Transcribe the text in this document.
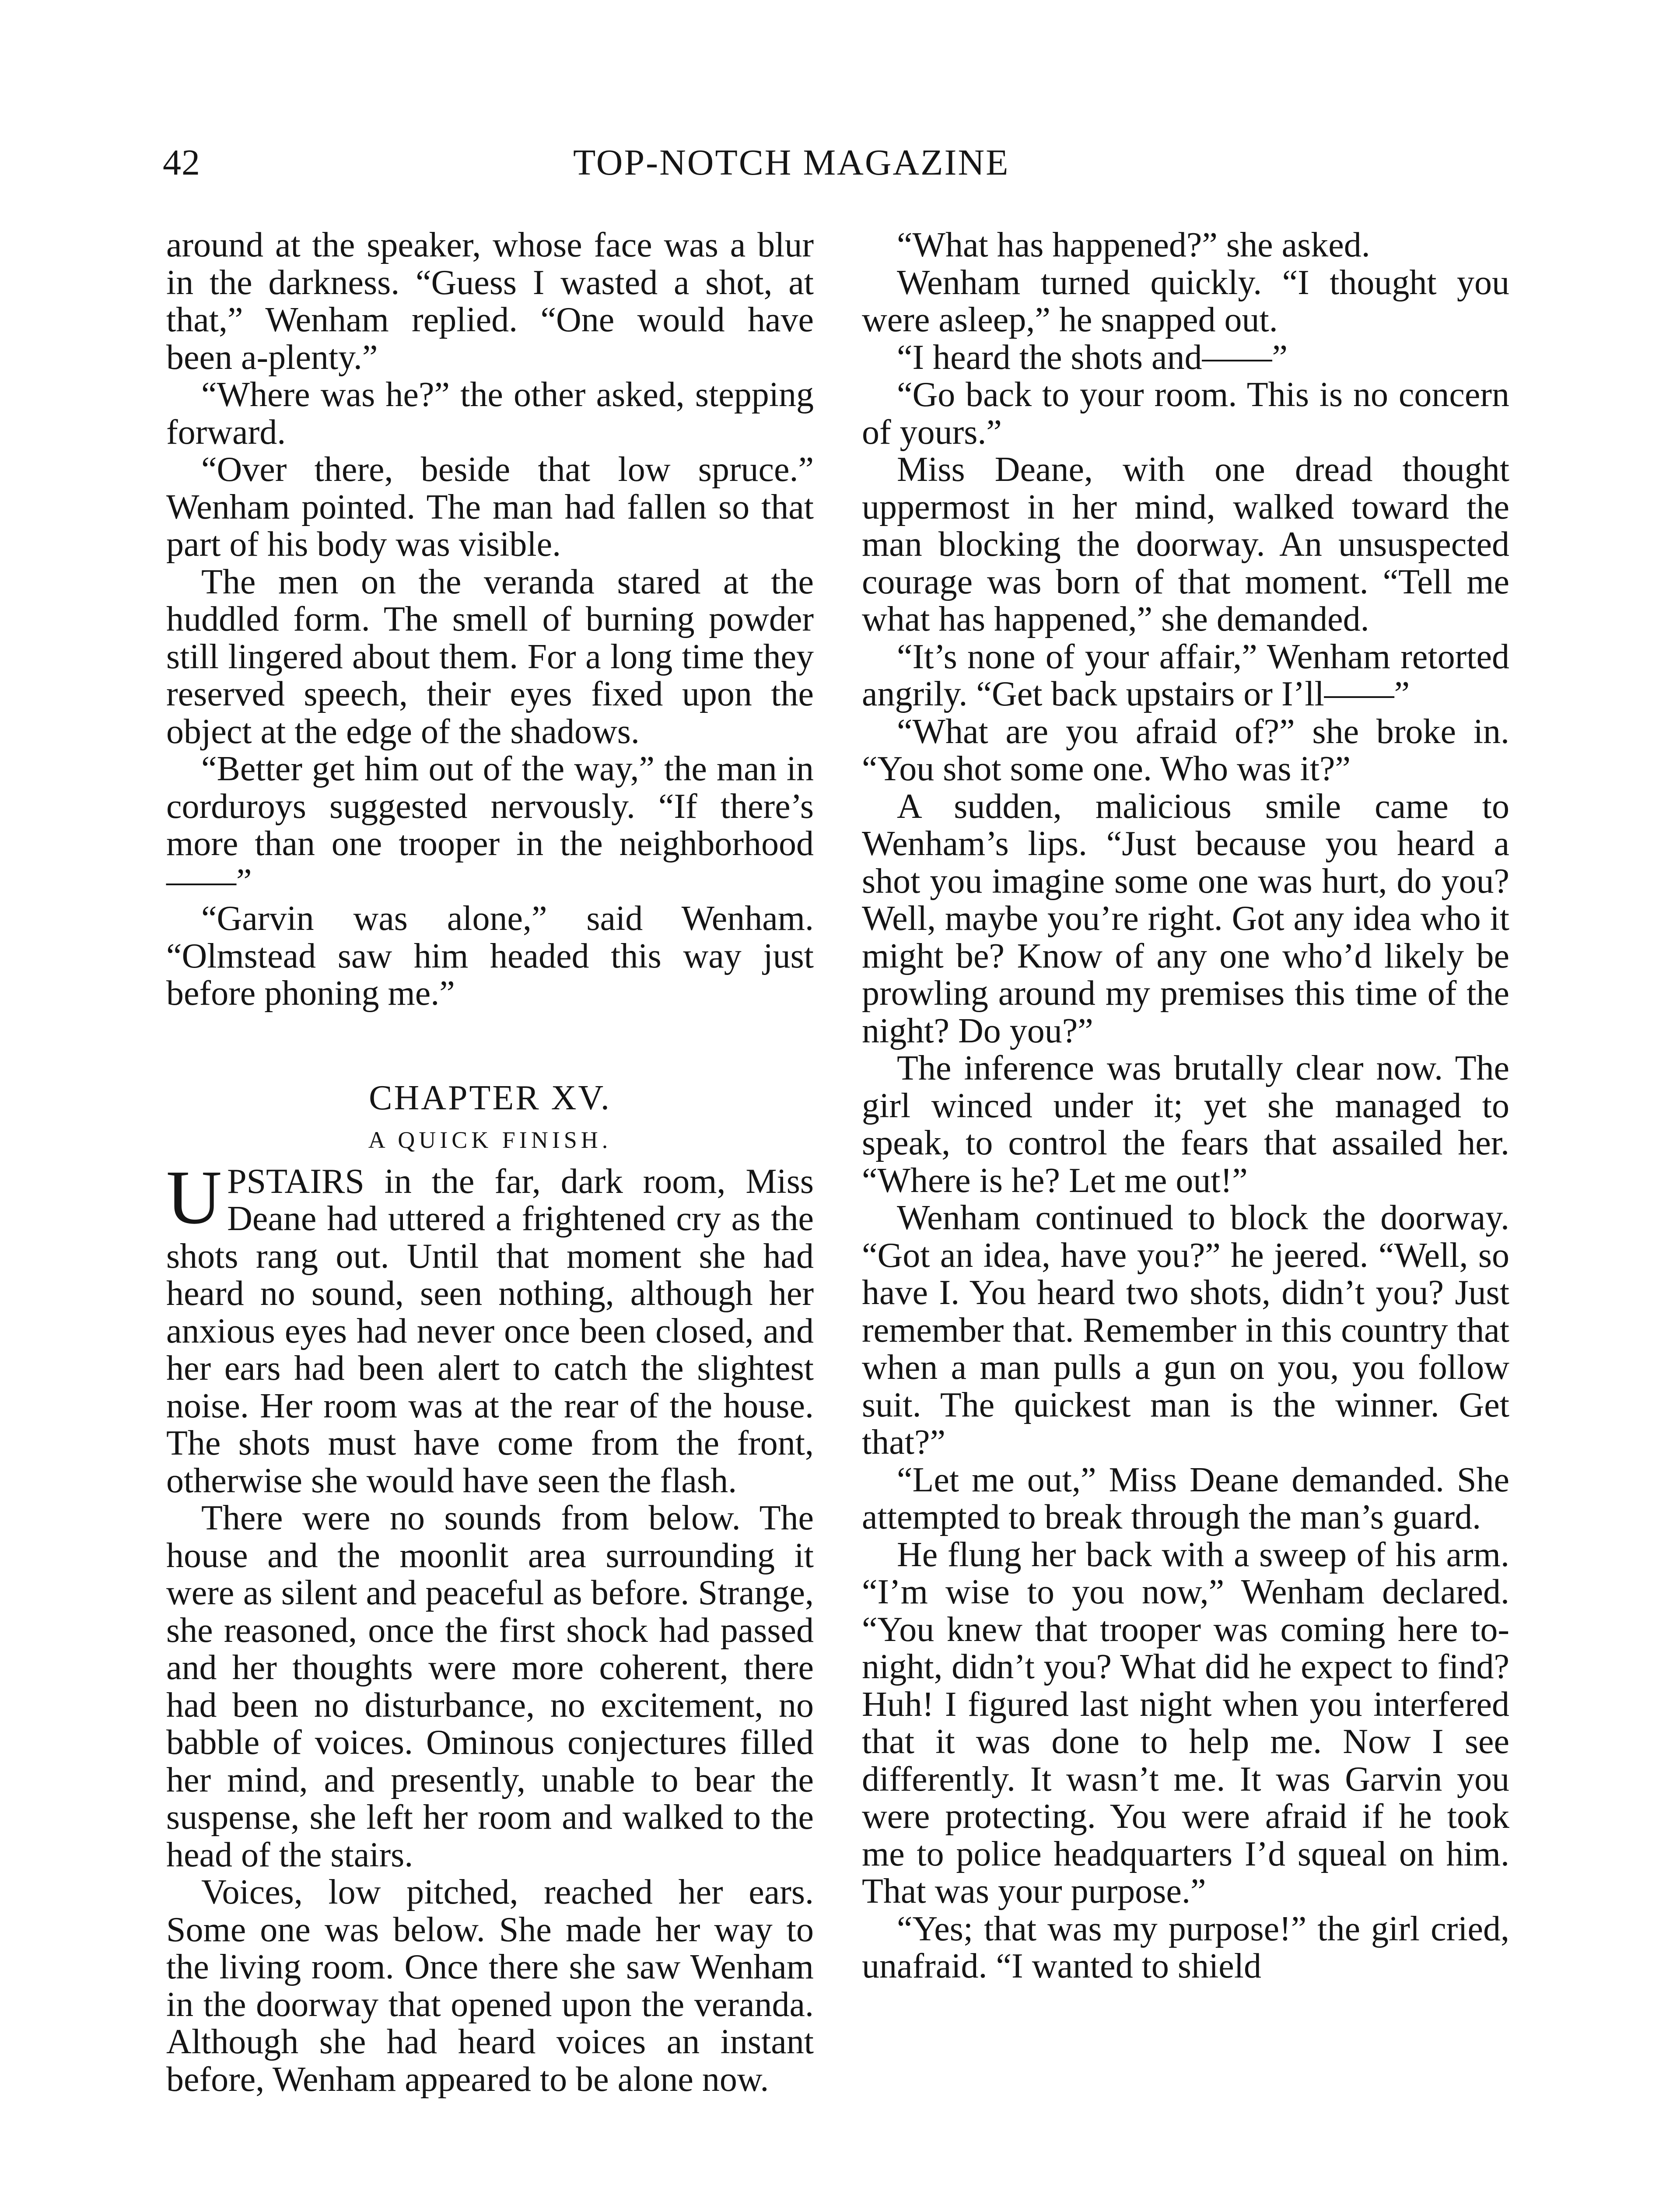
42	TOP-NOTCH MAGAZINE

around at the speaker, whose face was a blur in the darkness. “Guess I wasted a shot, at that,” Wenham replied. “One would have been a-plenty.”

“Where was he?” the other asked, stepping forward.

“Over there, beside that low spruce.” Wenham pointed. The man had fallen so that part of his body was visible.

The men on the veranda stared at the huddled form. The smell of burning powder still lingered about them. For a long time they reserved speech, their eyes fixed upon the object at the edge of the shadows.

“Better get him out of the way,” the man in corduroys suggested nervously. “If there’s more than one trooper in the neighborhood——”

“Garvin was alone,” said Wenham. “Olmstead saw him headed this way just before phoning me.”

CHAPTER XV.
A QUICK FINISH.

UPSTAIRS in the far, dark room, Miss Deane had uttered a frightened cry as the shots rang out. Until that moment she had heard no sound, seen nothing, although her anxious eyes had never once been closed, and her ears had been alert to catch the slightest noise. Her room was at the rear of the house. The shots must have come from the front, otherwise she would have seen the flash.

There were no sounds from below. The house and the moonlit area surrounding it were as silent and peaceful as before. Strange, she reasoned, once the first shock had passed and her thoughts were more coherent, there had been no disturbance, no excitement, no babble of voices. Ominous conjectures filled her mind, and presently, unable to bear the suspense, she left her room and walked to the head of the stairs.

Voices, low pitched, reached her ears. Some one was below. She made her way to the living room. Once there she saw Wenham in the doorway that opened upon the veranda. Although she had heard voices an instant before, Wenham appeared to be alone now.

“What has happened?” she asked.

Wenham turned quickly. “I thought you were asleep,” he snapped out.

“I heard the shots and——”

“Go back to your room. This is no concern of yours.”

Miss Deane, with one dread thought uppermost in her mind, walked toward the man blocking the doorway. An unsuspected courage was born of that moment. “Tell me what has happened,” she demanded.

“It’s none of your affair,” Wenham retorted angrily. “Get back upstairs or I’ll——”

“What are you afraid of?” she broke in. “You shot some one. Who was it?”

A sudden, malicious smile came to Wenham’s lips. “Just because you heard a shot you imagine some one was hurt, do you? Well, maybe you’re right. Got any idea who it might be? Know of any one who’d likely be prowling around my premises this time of the night? Do you?”

The inference was brutally clear now. The girl winced under it; yet she managed to speak, to control the fears that assailed her. “Where is he? Let me out!”

Wenham continued to block the doorway. “Got an idea, have you?” he jeered. “Well, so have I. You heard two shots, didn’t you? Just remember that. Remember in this country that when a man pulls a gun on you, you follow suit. The quickest man is the winner. Get that?”

“Let me out,” Miss Deane demanded. She attempted to break through the man’s guard.

He flung her back with a sweep of his arm. “I’m wise to you now,” Wenham declared. “You knew that trooper was coming here to-night, didn’t you? What did he expect to find? Huh! I figured last night when you interfered that it was done to help me. Now I see differently. It wasn’t me. It was Garvin you were protecting. You were afraid if he took me to police headquarters I’d squeal on him. That was your purpose.”

“Yes; that was my purpose!” the girl cried, unafraid. “I wanted to shield
